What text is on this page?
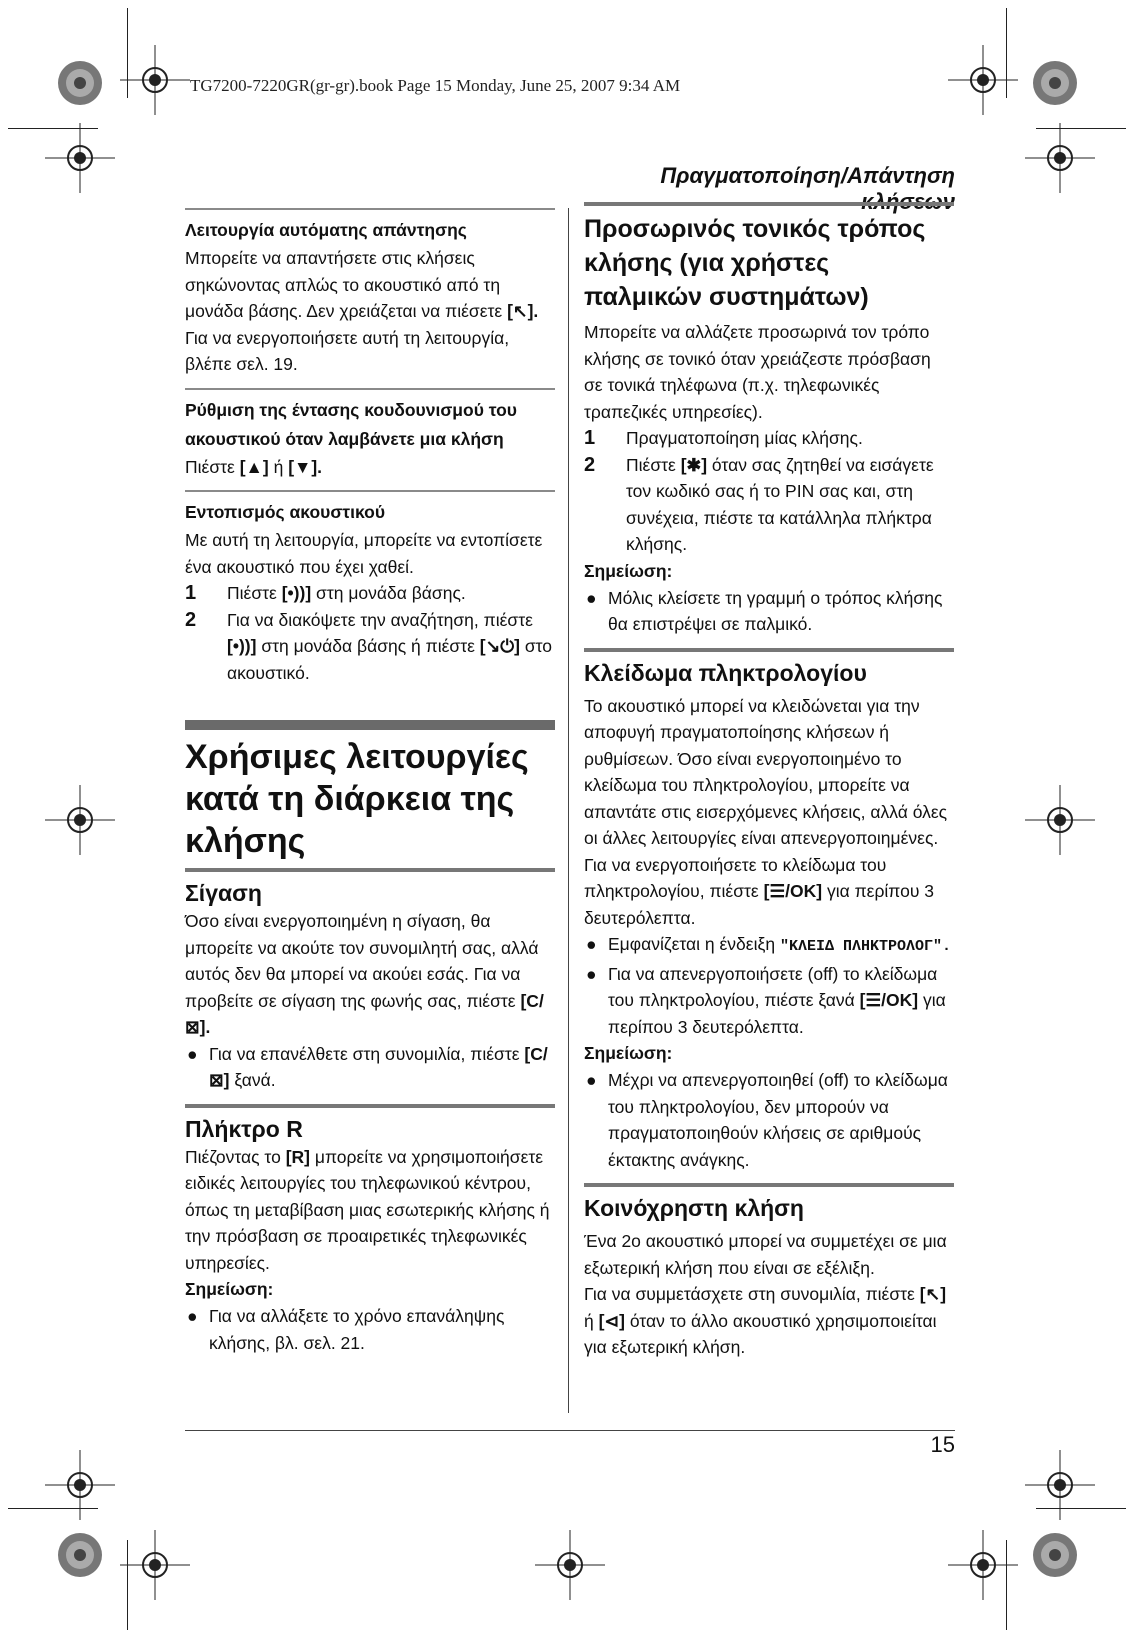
TG7200-7220GR(gr-gr).book Page 15 Monday, June 25, 2007 9:34 AM
Πραγματοποίηση/Απάντηση κλήσεων
Λειτουργία αυτόματης απάντησης

Μπορείτε να απαντήσετε στις κλήσεις σηκώνοντας απλώς το ακουστικό από τη μονάδα βάσης. Δεν χρειάζεται να πιέσετε [↖]. Για να ενεργοποιήσετε αυτή τη λειτουργία, βλέπε σελ. 19.

Ρύθμιση της έντασης κουδουνισμού του ακουστικού όταν λαμβάνετε μια κλήση

Πιέστε [▲] ή [▼].

Εντοπισμός ακουστικού

Με αυτή τη λειτουργία, μπορείτε να εντοπίσετε ένα ακουστικό που έχει χαθεί.

1 Πιέστε [•))] στη μονάδα βάσης.
2 Για να διακόψετε την αναζήτηση, πιέστε [•))] στη μονάδα βάσης ή πιέστε [↘⏻] στο ακουστικό.
Χρήσιμες λειτουργίες κατά τη διάρκεια της κλήσης
Σίγαση

Όσο είναι ενεργοποιημένη η σίγαση, θα μπορείτε να ακούτε τον συνομιλητή σας, αλλά αυτός δεν θα μπορεί να ακούει εσάς. Για να προβείτε σε σίγαση της φωνής σας, πιέστε [C/⊠].

● Για να επανέλθετε στη συνομιλία, πιέστε [C/⊠] ξανά.
Πλήκτρο R

Πιέζοντας το [R] μπορείτε να χρησιμοποιήσετε ειδικές λειτουργίες του τηλεφωνικού κέντρου, όπως τη μεταβίβαση μιας εσωτερικής κλήσης ή την πρόσβαση σε προαιρετικές τηλεφωνικές υπηρεσίες.

Σημείωση:
● Για να αλλάξετε το χρόνο επανάληψης κλήσης, βλ. σελ. 21.
Προσωρινός τονικός τρόπος κλήσης (για χρήστες παλμικών συστημάτων)

Μπορείτε να αλλάζετε προσωρινά τον τρόπο κλήσης σε τονικό όταν χρειάζεστε πρόσβαση σε τονικά τηλέφωνα (π.χ. τηλεφωνικές τραπεζικές υπηρεσίες).

1 Πραγματοποίηση μίας κλήσης.
2 Πιέστε [✱] όταν σας ζητηθεί να εισάγετε τον κωδικό σας ή το PIN σας και, στη συνέχεια, πιέστε τα κατάλληλα πλήκτρα κλήσης.
Σημείωση:
● Μόλις κλείσετε τη γραμμή ο τρόπος κλήσης θα επιστρέψει σε παλμικό.
Κλείδωμα πληκτρολογίου

Το ακουστικό μπορεί να κλειδώνεται για την αποφυγή πραγματοποίησης κλήσεων ή ρυθμίσεων. Όσο είναι ενεργοποιημένο το κλείδωμα του πληκτρολογίου, μπορείτε να απαντάτε στις εισερχόμενες κλήσεις, αλλά όλες οι άλλες λειτουργίες είναι απενεργοποιημένες.

Για να ενεργοποιήσετε το κλείδωμα του πληκτρολογίου, πιέστε [☰/OK] για περίπου 3 δευτερόλεπτα.

● Εμφανίζεται η ένδειξη "ΚΛΕΙΔ ΠΛΗΚΤΡΟΛΟΓ".
● Για να απενεργοποιήσετε (off) το κλείδωμα του πληκτρολογίου, πιέστε ξανά [☰/OK] για περίπου 3 δευτερόλεπτα.
Σημείωση:
● Μέχρι να απενεργοποιηθεί (off) το κλείδωμα του πληκτρολογίου, δεν μπορούν να πραγματοποιηθούν κλήσεις σε αριθμούς έκτακτης ανάγκης.
Κοινόχρηστη κλήση

Ένα 2ο ακουστικό μπορεί να συμμετέχει σε μια εξωτερική κλήση που είναι σε εξέλιξη.

Για να συμμετάσχετε στη συνομιλία, πιέστε [↖] ή [⊲] όταν το άλλο ακουστικό χρησιμοποιείται για εξωτερική κλήση.

15
